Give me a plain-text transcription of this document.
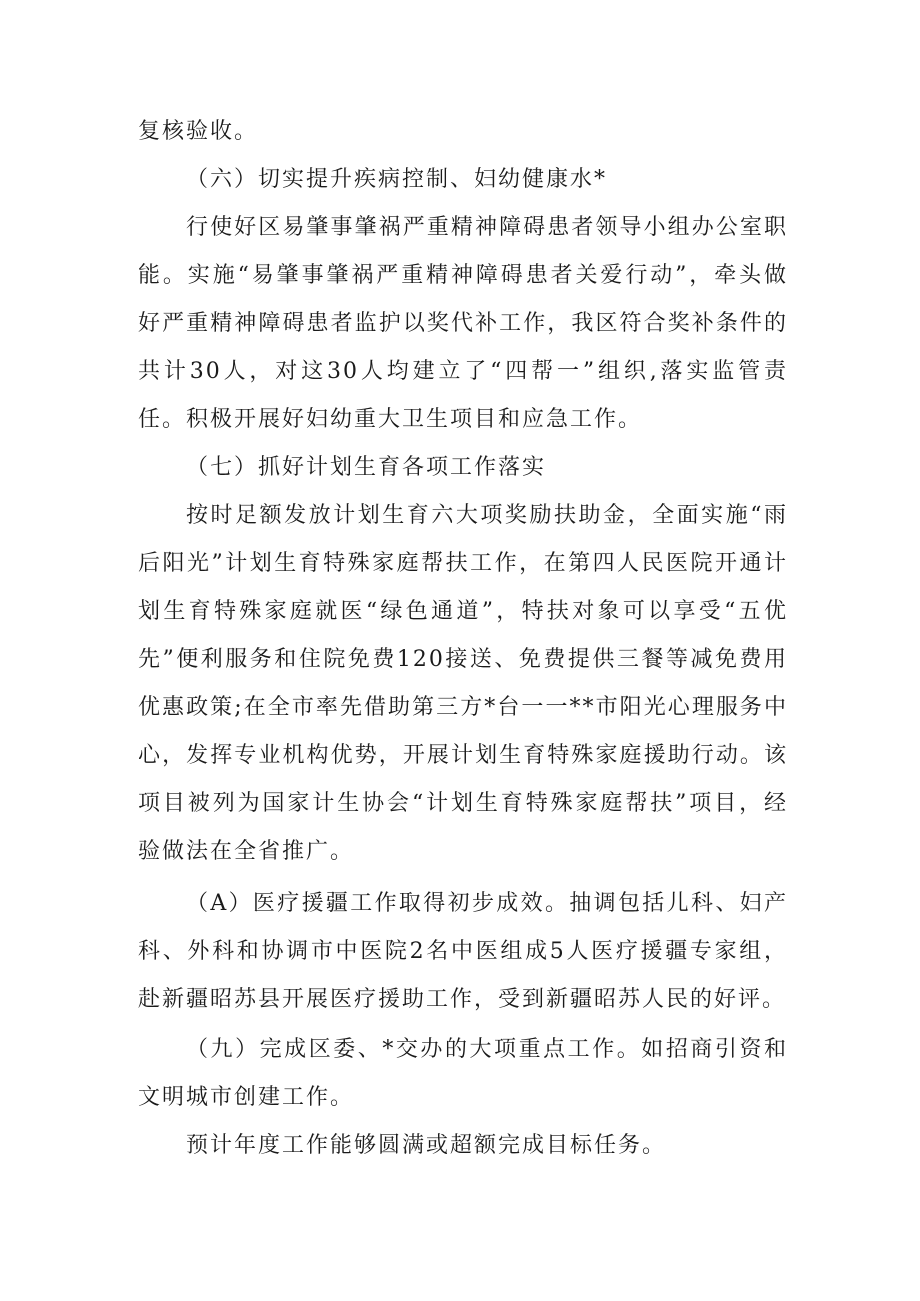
复核验收。

（六）切实提升疾病控制、妇幼健康水*

行使好区易肇事肇祸严重精神障碍患者领导小组办公室职能。实施“易肇事肇祸严重精神障碍患者关爱行动”，牵头做好严重精神障碍患者监护以奖代补工作，我区符合奖补条件的共计30人，对这30人均建立了“四帮一”组织,落实监管责任。积极开展好妇幼重大卫生项目和应急工作。

（七）抓好计划生育各项工作落实

按时足额发放计划生育六大项奖励扶助金，全面实施“雨后阳光”计划生育特殊家庭帮扶工作，在第四人民医院开通计划生育特殊家庭就医“绿色通道”，特扶对象可以享受“五优先”便利服务和住院免费120接送、免费提供三餐等减免费用优惠政策;在全市率先借助第三方*台一一**市阳光心理服务中心，发挥专业机构优势，开展计划生育特殊家庭援助行动。该项目被列为国家计生协会“计划生育特殊家庭帮扶”项目，经验做法在全省推广。

（A）医疗援疆工作取得初步成效。抽调包括儿科、妇产科、外科和协调市中医院2名中医组成5人医疗援疆专家组，赴新疆昭苏县开展医疗援助工作，受到新疆昭苏人民的好评。

（九）完成区委、*交办的大项重点工作。如招商引资和文明城市创建工作。

预计年度工作能够圆满或超额完成目标任务。
